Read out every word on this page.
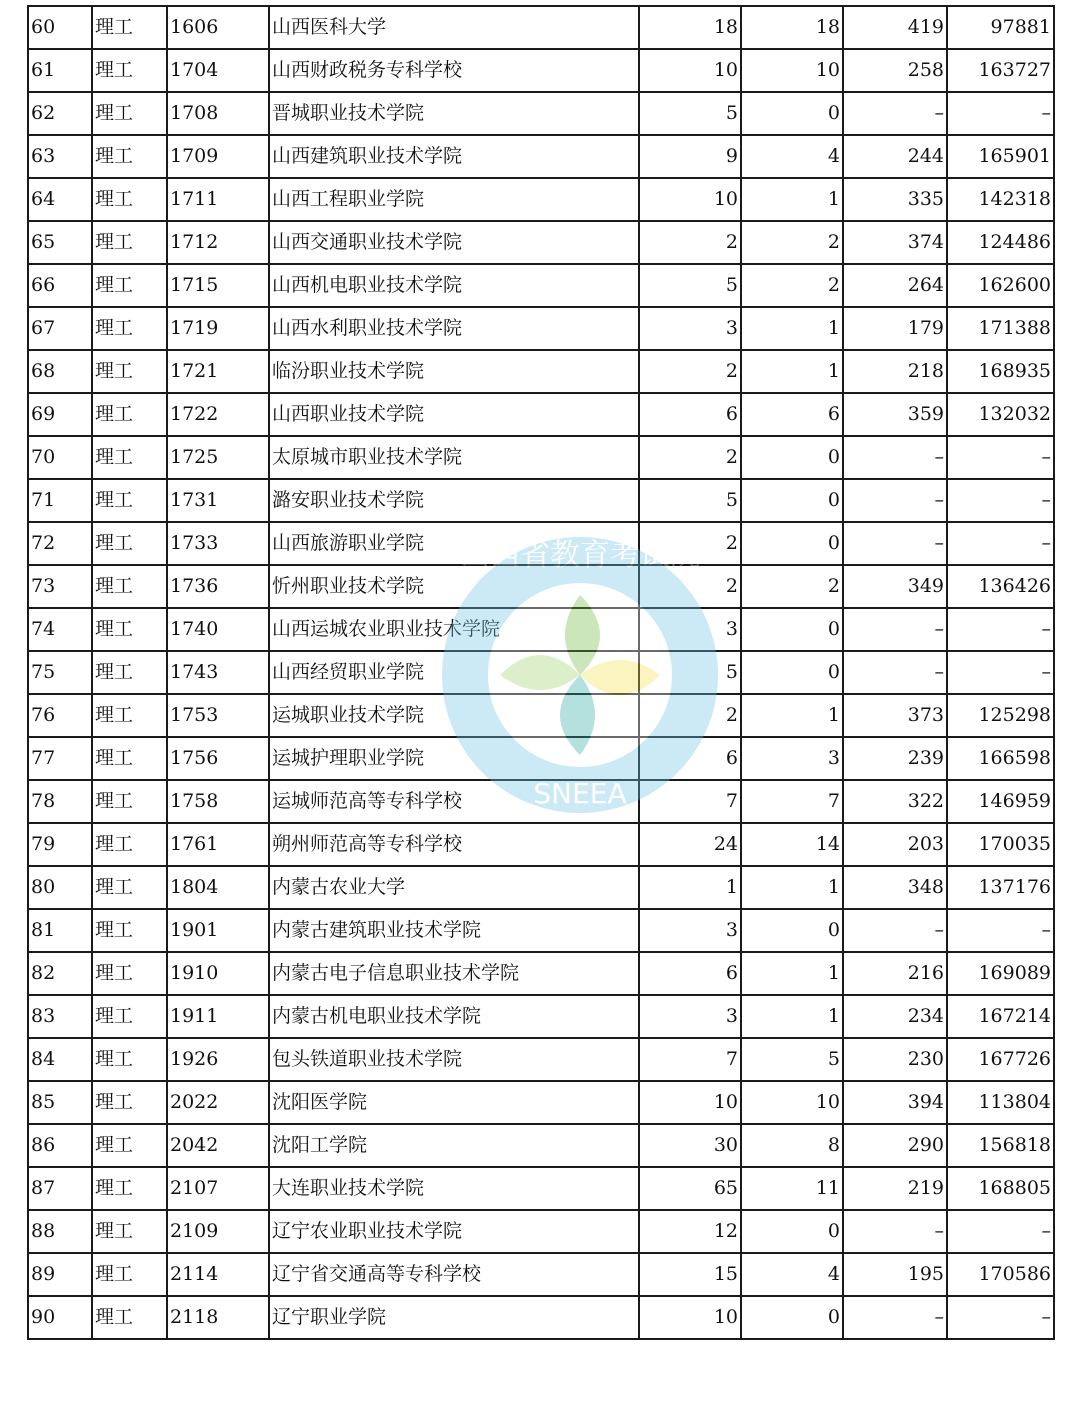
60	理工	1606	山西医科大学	18	18	419	97881
61	理工	1704	山西财政税务专科学校	10	10	258	163727
62	理工	1708	晋城职业技术学院	5	0	–	–
63	理工	1709	山西建筑职业技术学院	9	4	244	165901
64	理工	1711	山西工程职业学院	10	1	335	142318
65	理工	1712	山西交通职业技术学院	2	2	374	124486
66	理工	1715	山西机电职业技术学院	5	2	264	162600
67	理工	1719	山西水利职业技术学院	3	1	179	171388
68	理工	1721	临汾职业技术学院	2	1	218	168935
69	理工	1722	山西职业技术学院	6	6	359	132032
70	理工	1725	太原城市职业技术学院	2	0	–	–
71	理工	1731	潞安职业技术学院	5	0	–	–
72	理工	1733	山西旅游职业学院	2	0	–	–
73	理工	1736	忻州职业技术学院	2	2	349	136426
74	理工	1740	山西运城农业职业技术学院	3	0	–	–
75	理工	1743	山西经贸职业学院	5	0	–	–
76	理工	1753	运城职业技术学院	2	1	373	125298
77	理工	1756	运城护理职业学院	6	3	239	166598
78	理工	1758	运城师范高等专科学校	7	7	322	146959
79	理工	1761	朔州师范高等专科学校	24	14	203	170035
80	理工	1804	内蒙古农业大学	1	1	348	137176
81	理工	1901	内蒙古建筑职业技术学院	3	0	–	–
82	理工	1910	内蒙古电子信息职业技术学院	6	1	216	169089
83	理工	1911	内蒙古机电职业技术学院	3	1	234	167214
84	理工	1926	包头铁道职业技术学院	7	5	230	167726
85	理工	2022	沈阳医学院	10	10	394	113804
86	理工	2042	沈阳工学院	30	8	290	156818
87	理工	2107	大连职业技术学院	65	11	219	168805
88	理工	2109	辽宁农业职业技术学院	12	0	–	–
89	理工	2114	辽宁省交通高等专科学校	15	4	195	170586
90	理工	2118	辽宁职业学院	10	0	–	–
山西省教育考试院
SNEEA
